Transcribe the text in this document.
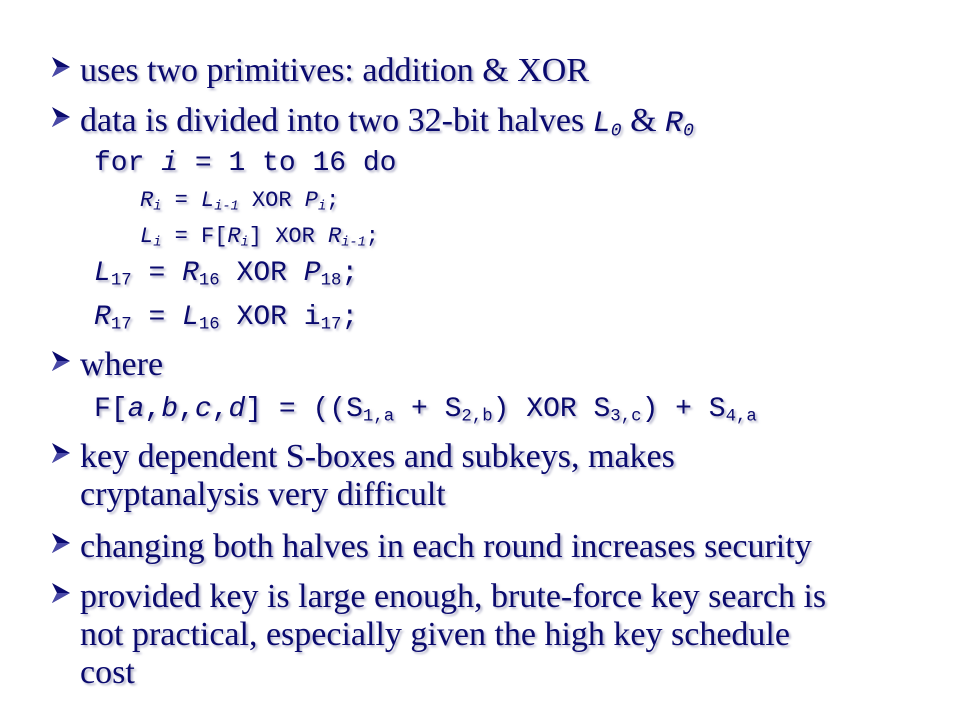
uses two primitives: addition & XOR
data is divided into two 32-bit halves $L_0$ & $R_0$
for i = 1 to 16 do
$R_i = L_{i-1}$ XOR $P_i$;
$L_i = F[R_i]$ XOR $R_{i-1}$;
$L_{17} = R_{16}$ XOR $P_{18}$;
$R_{17} = L_{16}$ XOR $i_{17}$;
where
$F[a,b,c,d] = ((S_{1,a} + S_{2,b})$ XOR $S_{3,c}) + S_{4,a}$
key dependent S-boxes and subkeys, makes
cryptanalysis very difficult
changing both halves in each round increases security
provided key is large enough, brute-force key search is
not practical, especially given the high key schedule
cost
